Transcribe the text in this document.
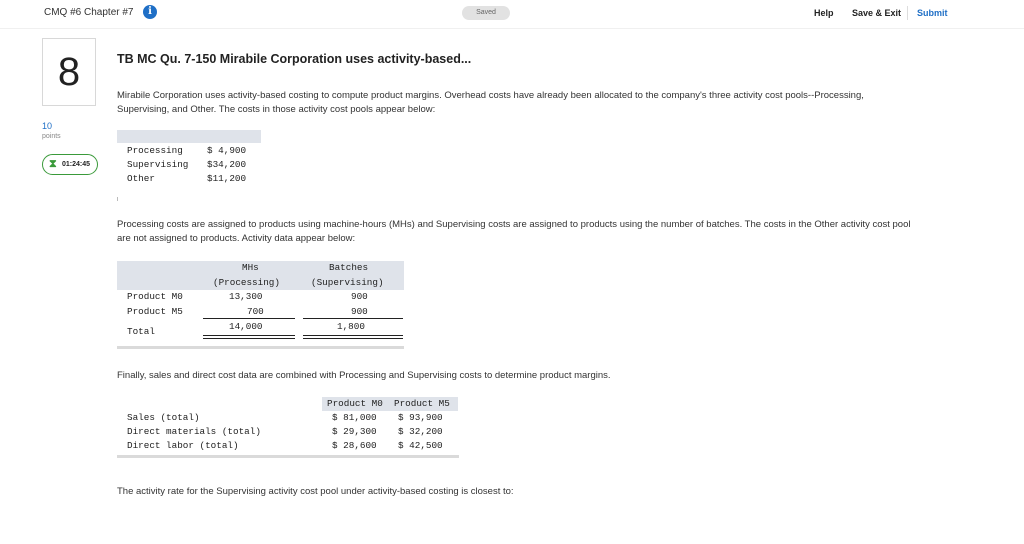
CMQ #6 Chapter #7	i	Saved	Help Save & Exit Submit
8
10
points
⧗ 01:24:45
TB MC Qu. 7-150 Mirabile Corporation uses activity-based...
Mirabile Corporation uses activity-based costing to compute product margins. Overhead costs have already been allocated to the company's three activity cost pools--Processing, Supervising, and Other. The costs in those activity cost pools appear below:
Processing	$ 4,900
Supervising $34,200
Other	$11,200
Processing costs are assigned to products using machine-hours (MHs) and Supervising costs are assigned to products using the number of batches. The costs in the Other activity cost pool are not assigned to products. Activity data appear below:
MHs
(Processing)
Batches
(Supervising)
Product M0	13,300	900
Product M5	700	900
Total	14,000	1,800
Finally, sales and direct cost data are combined with Processing and Supervising costs to determine product margins.
Product M0 Product M5
Sales (total)	$ 81,000 $ 93,900
Direct materials (total)	$ 29,300 $ 32,200
Direct labor (total)	$ 28,600 $ 42,500
The activity rate for the Supervising activity cost pool under activity-based costing is closest to:
